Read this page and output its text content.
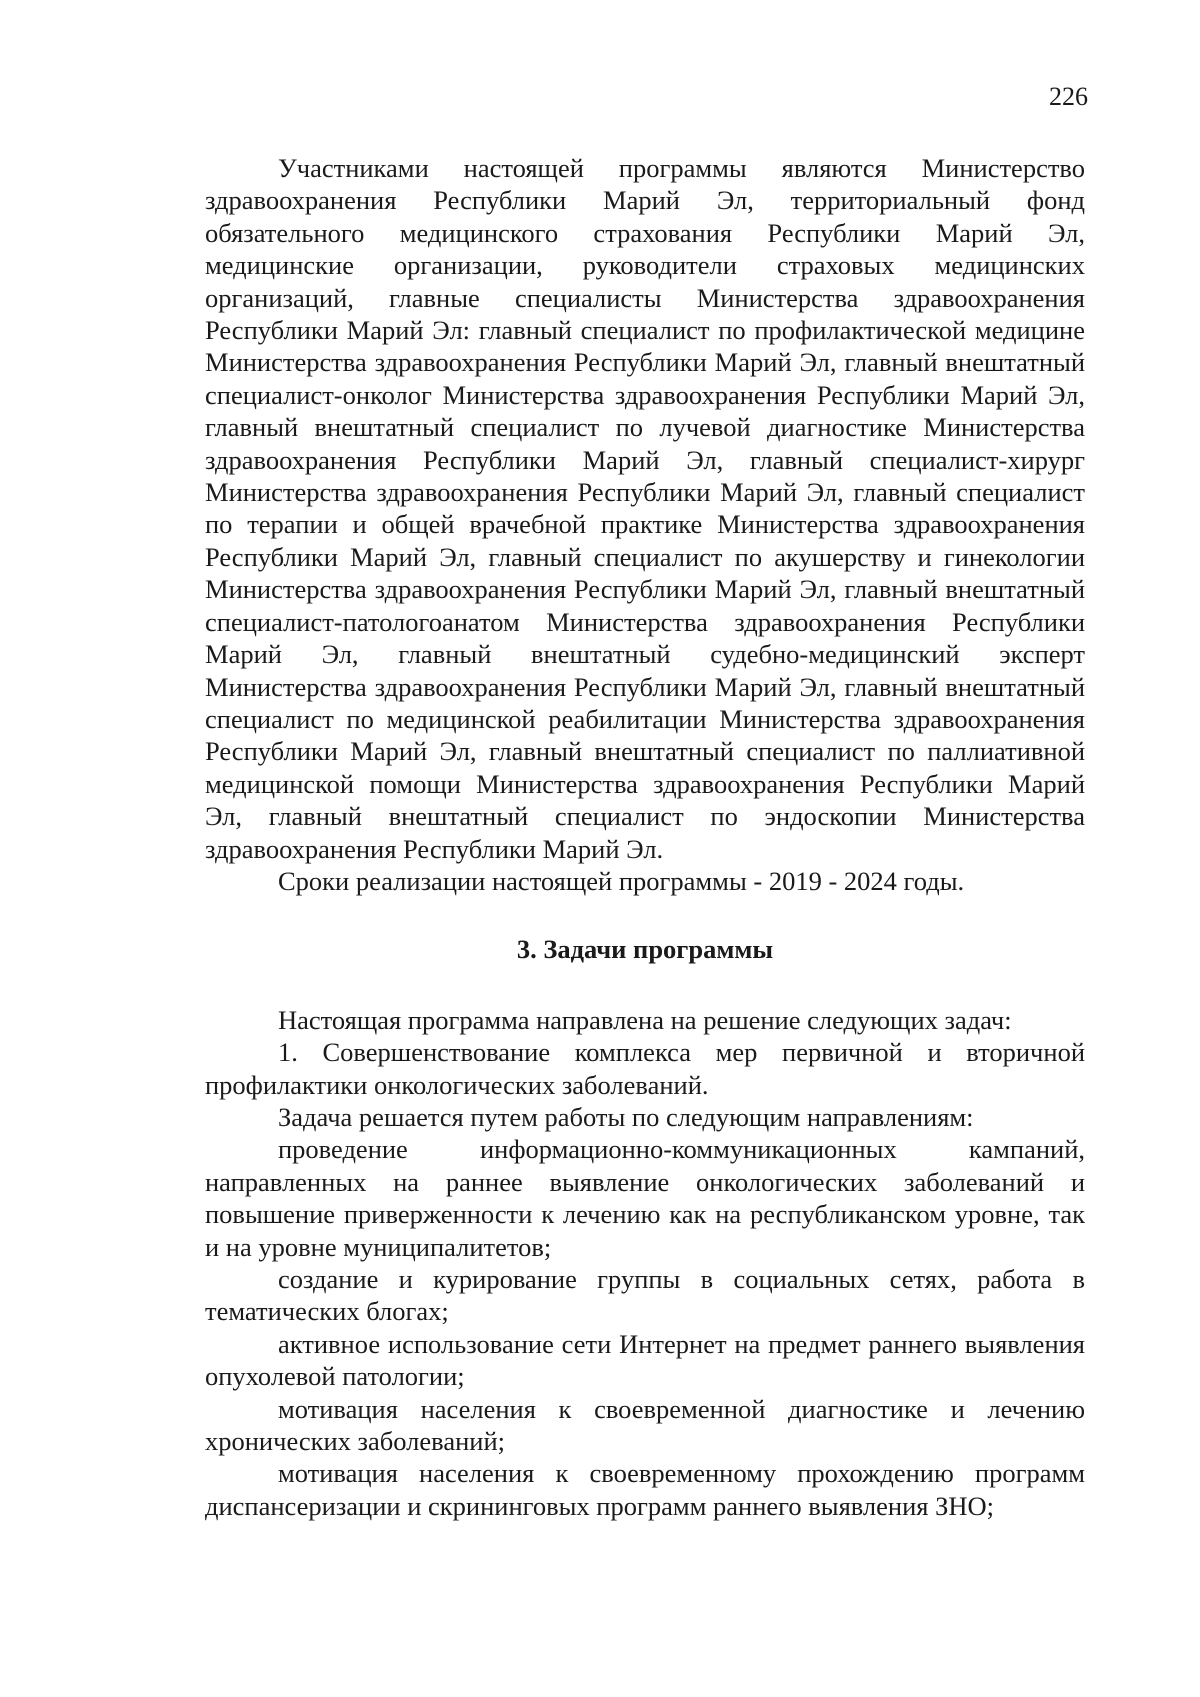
226

Участниками настоящей программы являются Министерство здравоохранения Республики Марий Эл, территориальный фонд обязательного медицинского страхования Республики Марий Эл, медицинские организации, руководители страховых медицинских организаций, главные специалисты Министерства здравоохранения Республики Марий Эл: главный специалист по профилактической медицине Министерства здравоохранения Республики Марий Эл, главный внештатный специалист-онколог Министерства здравоохранения Республики Марий Эл, главный внештатный специалист по лучевой диагностике Министерства здравоохранения Республики Марий Эл, главный специалист-хирург Министерства здравоохранения Республики Марий Эл, главный специалист по терапии и общей врачебной практике Министерства здравоохранения Республики Марий Эл, главный специалист по акушерству и гинекологии Министерства здравоохранения Республики Марий Эл, главный внештатный специалист-патологоанатом Министерства здравоохранения Республики Марий Эл, главный внештатный судебно-медицинский эксперт Министерства здравоохранения Республики Марий Эл, главный внештатный специалист по медицинской реабилитации Министерства здравоохранения Республики Марий Эл, главный внештатный специалист по паллиативной медицинской помощи Министерства здравоохранения Республики Марий Эл, главный внештатный специалист по эндоскопии Министерства здравоохранения Республики Марий Эл.

Сроки реализации настоящей программы - 2019 - 2024 годы.

3. Задачи программы

Настоящая программа направлена на решение следующих задач:

1. Совершенствование комплекса мер первичной и вторичной профилактики онкологических заболеваний.

Задача решается путем работы по следующим направлениям:

проведение информационно-коммуникационных кампаний, направленных на раннее выявление онкологических заболеваний и повышение приверженности к лечению как на республиканском уровне, так и на уровне муниципалитетов;

создание и курирование группы в социальных сетях, работа в тематических блогах;

активное использование сети Интернет на предмет раннего выявления опухолевой патологии;

мотивация населения к своевременной диагностике и лечению хронических заболеваний;

мотивация населения к своевременному прохождению программ диспансеризации и скрининговых программ раннего выявления ЗНО;
